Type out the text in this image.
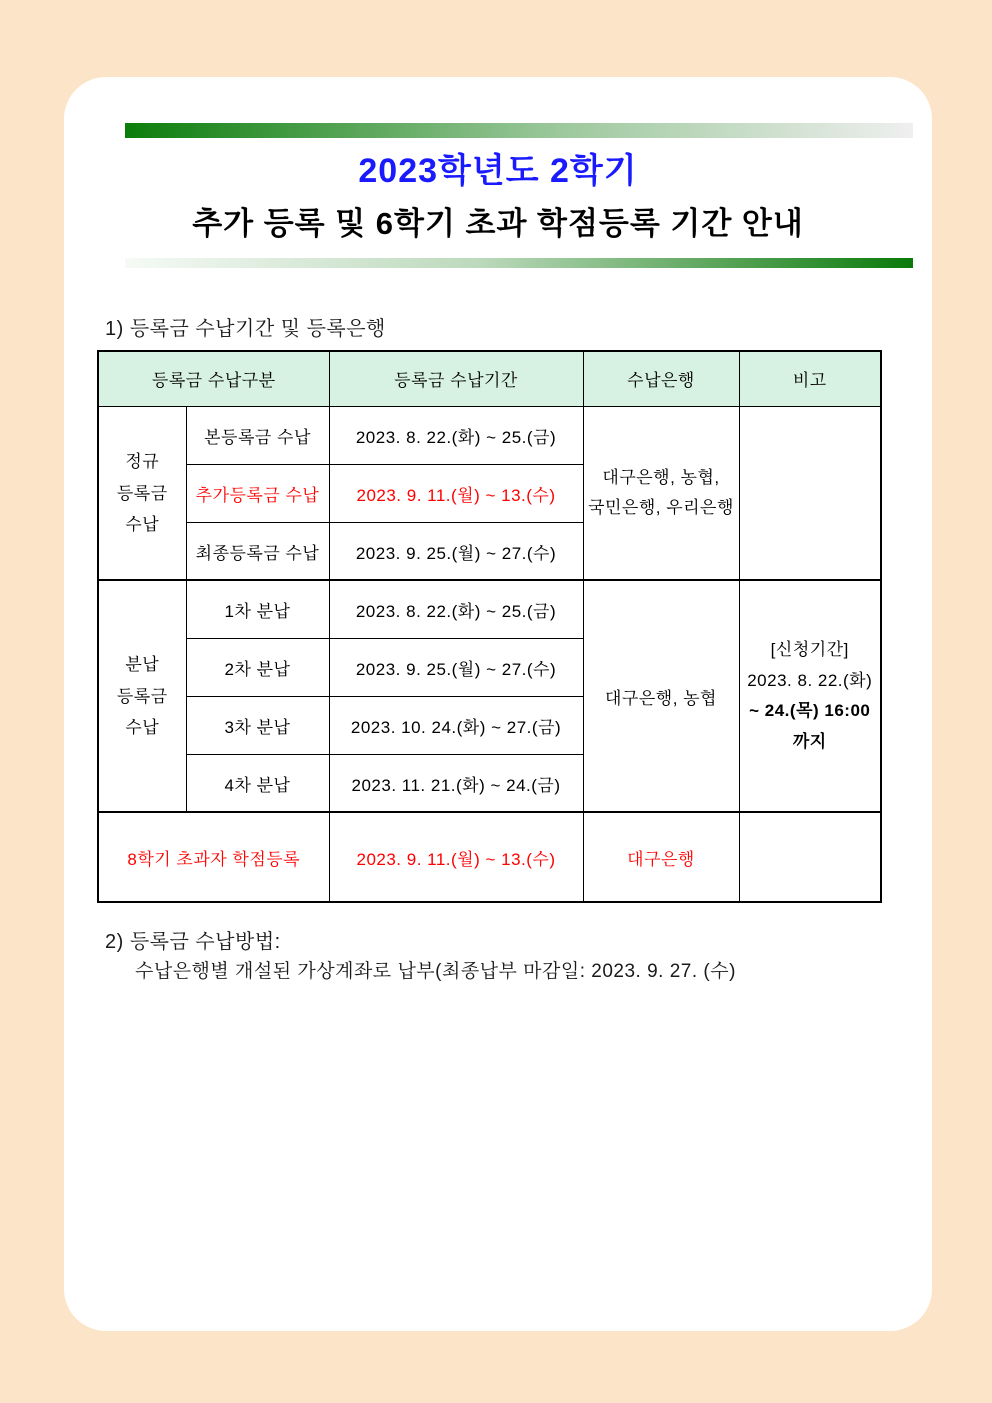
2023학년도 2학기
추가 등록 및 6학기 초과 학점등록 기간 안내
1) 등록금 수납기간 및 등록은행
등록금 수납구분		등록금 수납기간	수납은행	비고

정규
등록금
수납	본등록금 수납	2023. 8. 22.(화) ~ 25.(금)	대구은행, 농협,
국민은행, 우리은행	

	추가등록금 수납	2023. 9. 11.(월) ~ 13.(수)		
	최종등록금 수납	2023. 9. 25.(월) ~ 27.(수)		

분납
등록금
수납	1차 분납	2023. 8. 22.(화) ~ 25.(금)	대구은행, 농협	[신청기간]
2023. 8. 22.(화)
~ 24.(목) 16:00
까지

	2차 분납	2023. 9. 25.(월) ~ 27.(수)		
	3차 분납	2023. 10. 24.(화) ~ 27.(금)		
	4차 분납	2023. 11. 21.(화) ~ 24.(금)		
8학기 초과자 학점등록		2023. 9. 11.(월) ~ 13.(수)	대구은행	
2) 등록금 수납방법:
수납은행별 개설된 가상계좌로 납부(최종납부 마감일: 2023. 9. 27. (수)
